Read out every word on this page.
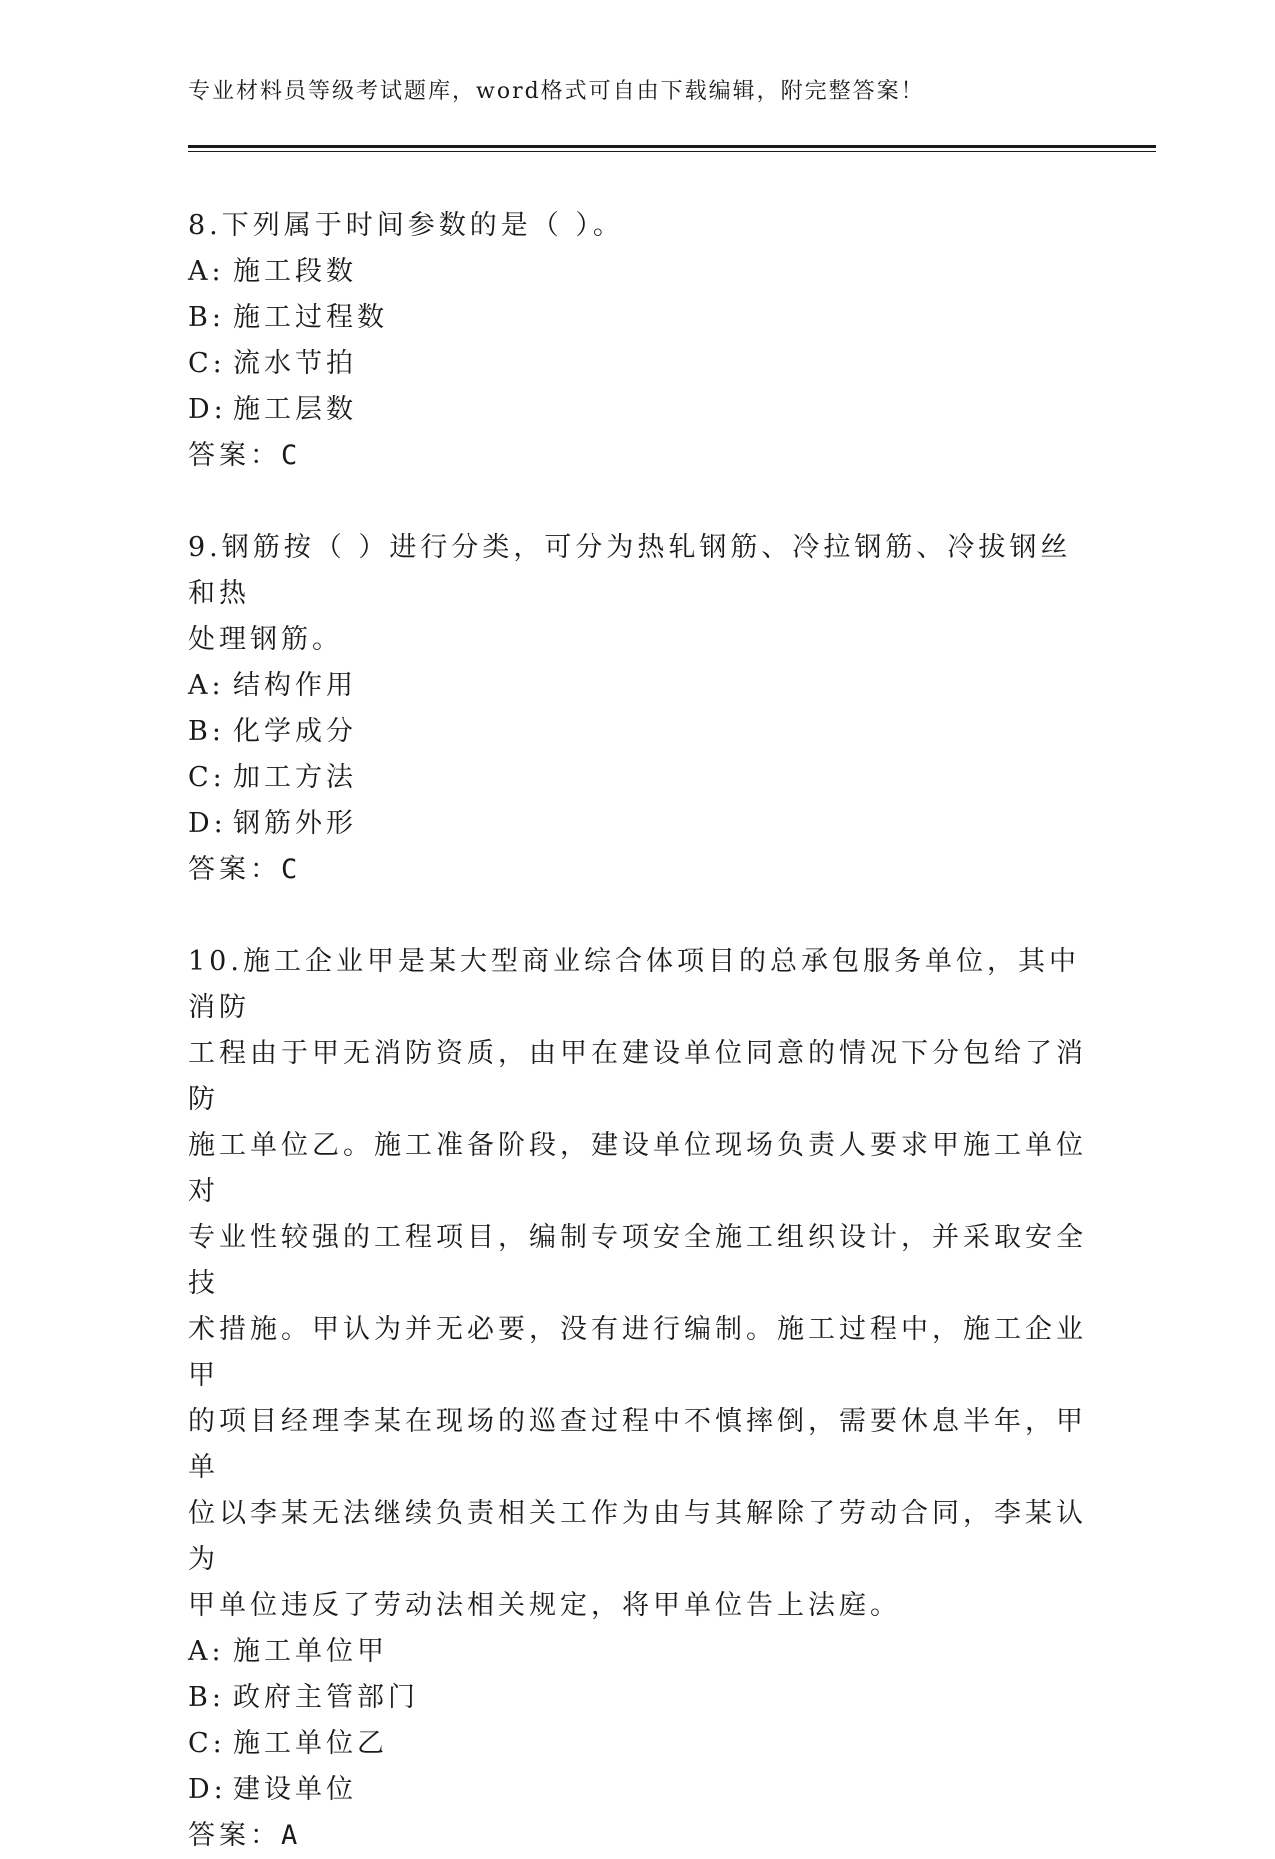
专业材料员等级考试题库，word格式可自由下载编辑，附完整答案！

8.下列属于时间参数的是（ ）。

A: 施工段数

B: 施工过程数

C: 流水节拍

D: 施工层数

答案：C

9.钢筋按（ ）进行分类，可分为热轧钢筋、冷拉钢筋、冷拔钢丝和热

处理钢筋。

A: 结构作用

B: 化学成分

C: 加工方法

D: 钢筋外形

答案：C

10.施工企业甲是某大型商业综合体项目的总承包服务单位，其中消防

工程由于甲无消防资质，由甲在建设单位同意的情况下分包给了消防

施工单位乙。施工准备阶段，建设单位现场负责人要求甲施工单位对

专业性较强的工程项目，编制专项安全施工组织设计，并采取安全技

术措施。甲认为并无必要，没有进行编制。施工过程中，施工企业甲

的项目经理李某在现场的巡查过程中不慎摔倒，需要休息半年，甲单

位以李某无法继续负责相关工作为由与其解除了劳动合同，李某认为

甲单位违反了劳动法相关规定，将甲单位告上法庭。

A: 施工单位甲

B: 政府主管部门

C: 施工单位乙

D: 建设单位

答案：A
